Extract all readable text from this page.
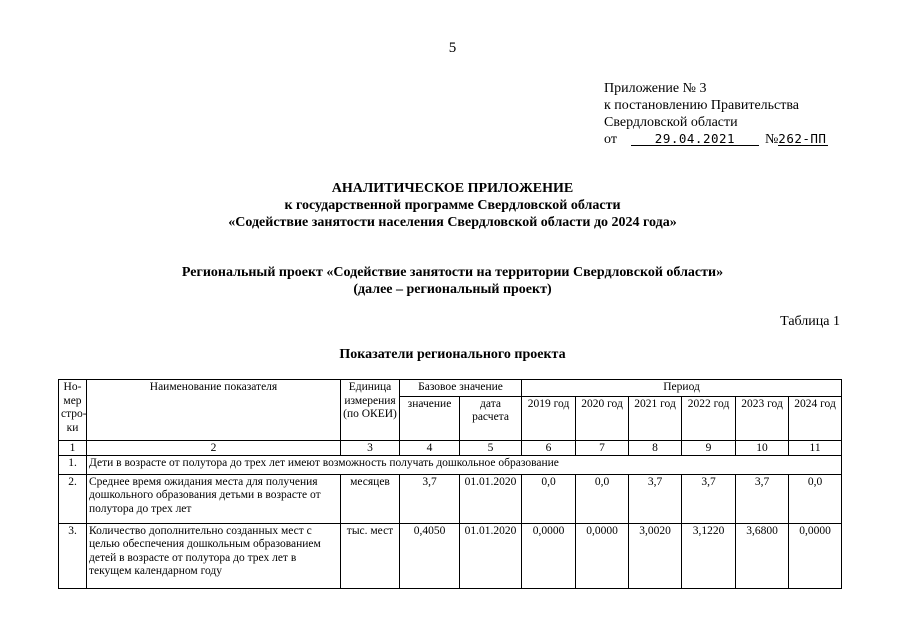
5
Приложение № 3
к постановлению Правительства
Свердловской области
от	29.04.2021 №262-ПП
АНАЛИТИЧЕСКОЕ ПРИЛОЖЕНИЕ
к государственной программе Свердловской области
«Содействие занятости населения Свердловской области до 2024 года»
Региональный проект «Содействие занятости на территории Свердловской области»
(далее – региональный проект)
Таблица 1
Показатели регионального проекта
Но-мер стро-ки	Наименование показателя	Единица измерения (по ОКЕИ)	Базовое значение		Период					
			значение	дата расчета	2019 год	2020 год	2021 год	2022 год	2023 год	2024 год
1	2	3	4	5	6	7	8	9	10	11
1.	Дети в возрасте от полутора до трех лет имеют возможность получать дошкольное образование									
2.	Среднее время ожидания места для получения дошкольного образования детьми в возрасте от полутора до трех лет	месяцев	3,7	01.01.2020	0,0	0,0	3,7	3,7	3,7	0,0
3.	Количество дополнительно созданных мест с целью обеспечения дошкольным образованием детей в возрасте от полутора до трех лет в текущем календарном году	тыс. мест	0,4050	01.01.2020	0,0000	0,0000	3,0020	3,1220	3,6800	0,0000
